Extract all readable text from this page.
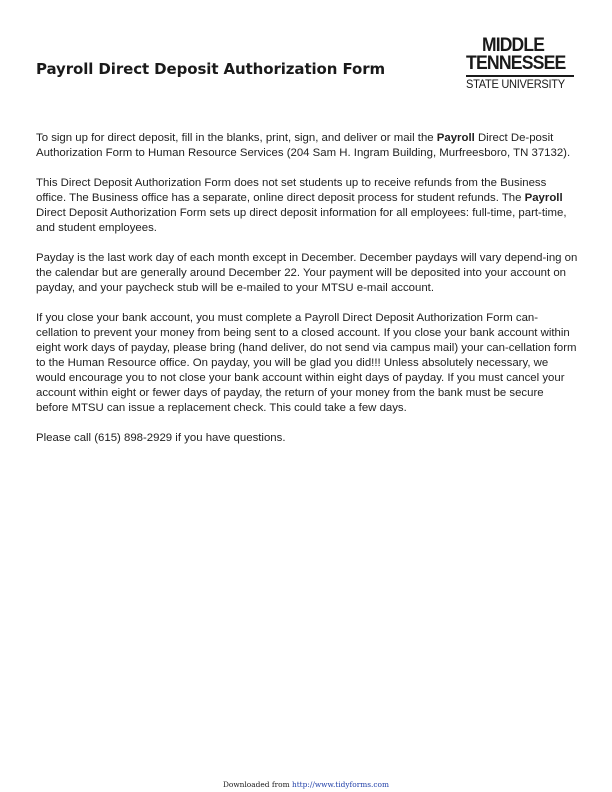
Payroll Direct Deposit Authorization Form
MIDDLE
TENNESSEE
STATE UNIVERSITY

To sign up for direct deposit, fill in the blanks, print, sign, and deliver or mail the Payroll Direct De-posit Authorization Form to Human Resource Services (204 Sam H. Ingram Building, Murfreesboro, TN 37132).

This Direct Deposit Authorization Form does not set students up to receive refunds from the Business office. The Business office has a separate, online direct deposit process for student refunds. The Payroll Direct Deposit Authorization Form sets up direct deposit information for all employees: full-time, part-time, and student employees.

Payday is the last work day of each month except in December. December paydays will vary depend-ing on the calendar but are generally around December 22. Your payment will be deposited into your account on payday, and your paycheck stub will be e-mailed to your MTSU e-mail account.

If you close your bank account, you must complete a Payroll Direct Deposit Authorization Form can-cellation to prevent your money from being sent to a closed account. If you close your bank account within eight work days of payday, please bring (hand deliver, do not send via campus mail) your can-cellation form to the Human Resource office. On payday, you will be glad you did!!! Unless absolutely necessary, we would encourage you to not close your bank account within eight days of payday. If you must cancel your account within eight or fewer days of payday, the return of your money from the bank must be secure before MTSU can issue a replacement check. This could take a few days.

Please call (615) 898-2929 if you have questions.

Downloaded from http://www.tidyforms.com
